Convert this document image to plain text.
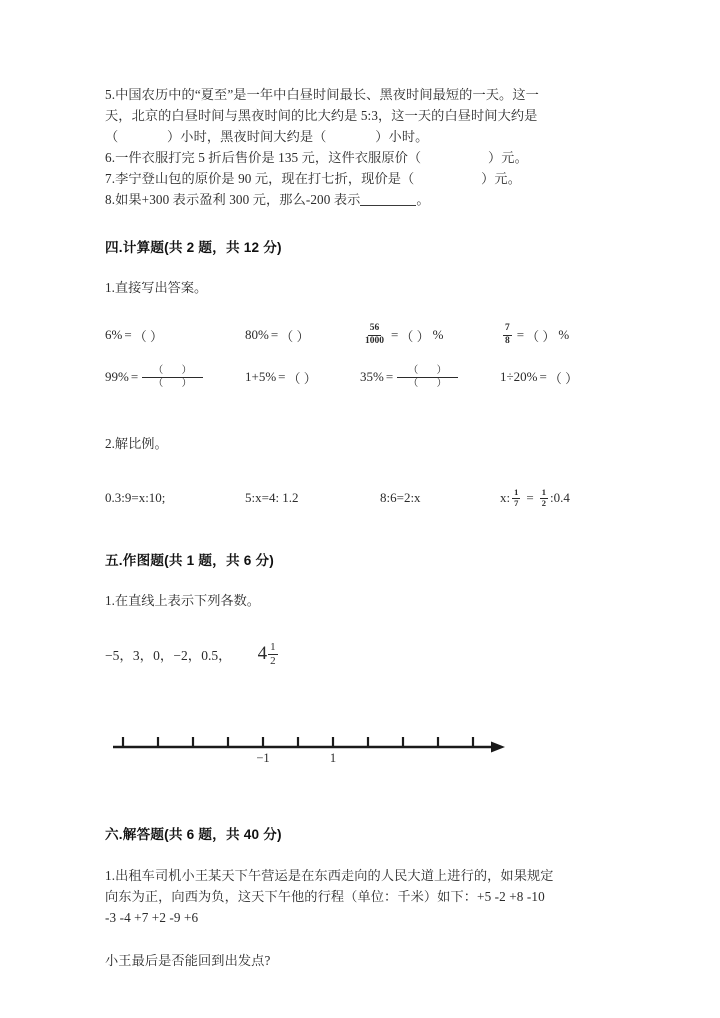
5.中国农历中的“夏至”是一年中白昼时间最长、黑夜时间最短的一天。这一
天，北京的白昼时间与黑夜时间的比大约是 5:3，这一天的白昼时间大约是
（	）小时，黑夜时间大约是（	）小时。
6.一件衣服打完 5 折后售价是 135 元，这件衣服原价（	）元。
7.李宁登山包的原价是 90 元，现在打七折，现价是（	）元。
8.如果+300 表示盈利 300 元，那么-200 表示	。
四.计算题(共 2 题，共 12 分)
1.直接写出答案。
6% = （ ）	80% = （ ）	$\frac{56}{1000}$ = （ ） %	$\frac{7}{8}$ = （ ） %
$99\% = \frac{( )}{( )}$	1+5% = （ ）	$35\% = \frac{( )}{( )}$	1÷20% = （ ）
2.解比例。
0.3:9=x:10;	5:x=4: 1.2	8:6=2:x	x: $\frac{1}{7} = \frac{1}{2}$ :0.4
五.作图题(共 1 题，共 6 分)
1.在直线上表示下列各数。
−5，3，0，−2，0.5， $4 \frac{1}{2}$
−1	1
六.解答题(共 6 题，共 40 分)
1.出租车司机小王某天下午营运是在东西走向的人民大道上进行的，如果规定
向东为正，向西为负，这天下午他的行程（单位：千米）如下：+5 -2 +8 -10
-3 -4 +7 +2 -9 +6
小王最后是否能回到出发点?
